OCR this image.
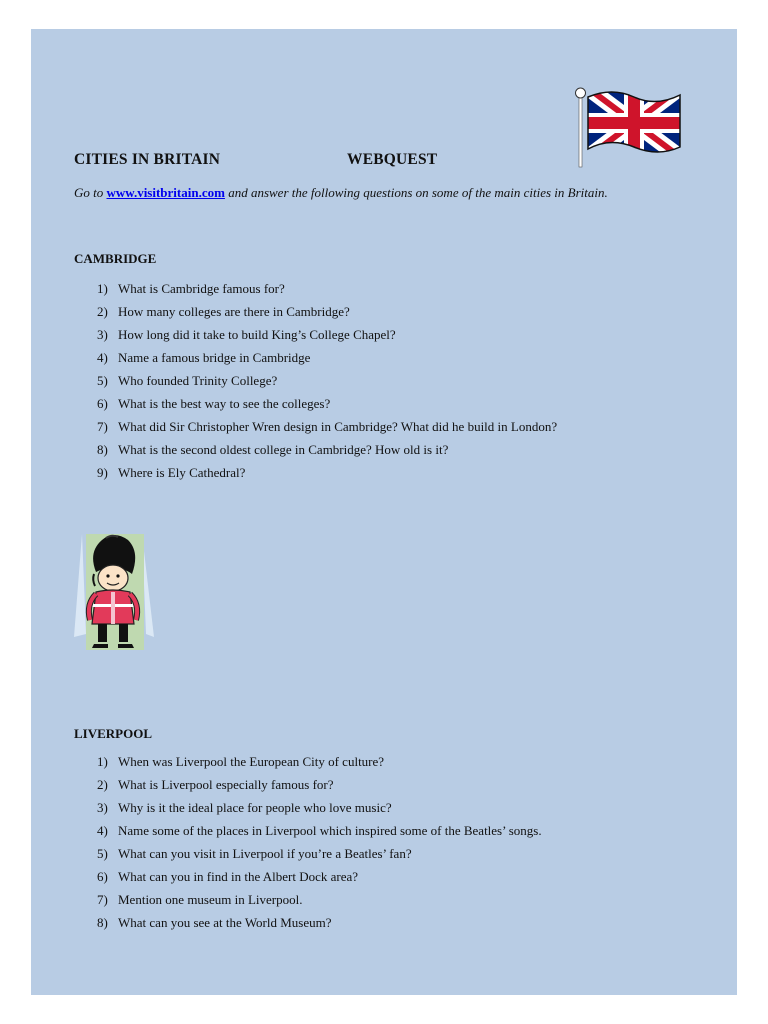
CITIES IN BRITAIN	WEBQUEST
Go to www.visitbritain.com and answer the following questions on some of the main cities in Britain.
CAMBRIDGE
1) What is Cambridge famous for?
2) How many colleges are there in Cambridge?
3) How long did it take to build King’s College Chapel?
4) Name a famous bridge in Cambridge
5) Who founded Trinity College?
6) What is the best way to see the colleges?
7) What did Sir Christopher Wren design in Cambridge? What did he build in London?
8) What is the second oldest college in Cambridge? How old is it?
9) Where is Ely Cathedral?
LIVERPOOL
1) When was Liverpool the European City of culture?
2) What is Liverpool especially famous for?
3) Why is it the ideal place for people who love music?
4) Name some of the places in Liverpool which inspired some of the Beatles’ songs.
5) What can you visit in Liverpool if you’re a Beatles’ fan?
6) What can you in find in the Albert Dock area?
7) Mention one museum in Liverpool.
8) What can you see at the World Museum?
